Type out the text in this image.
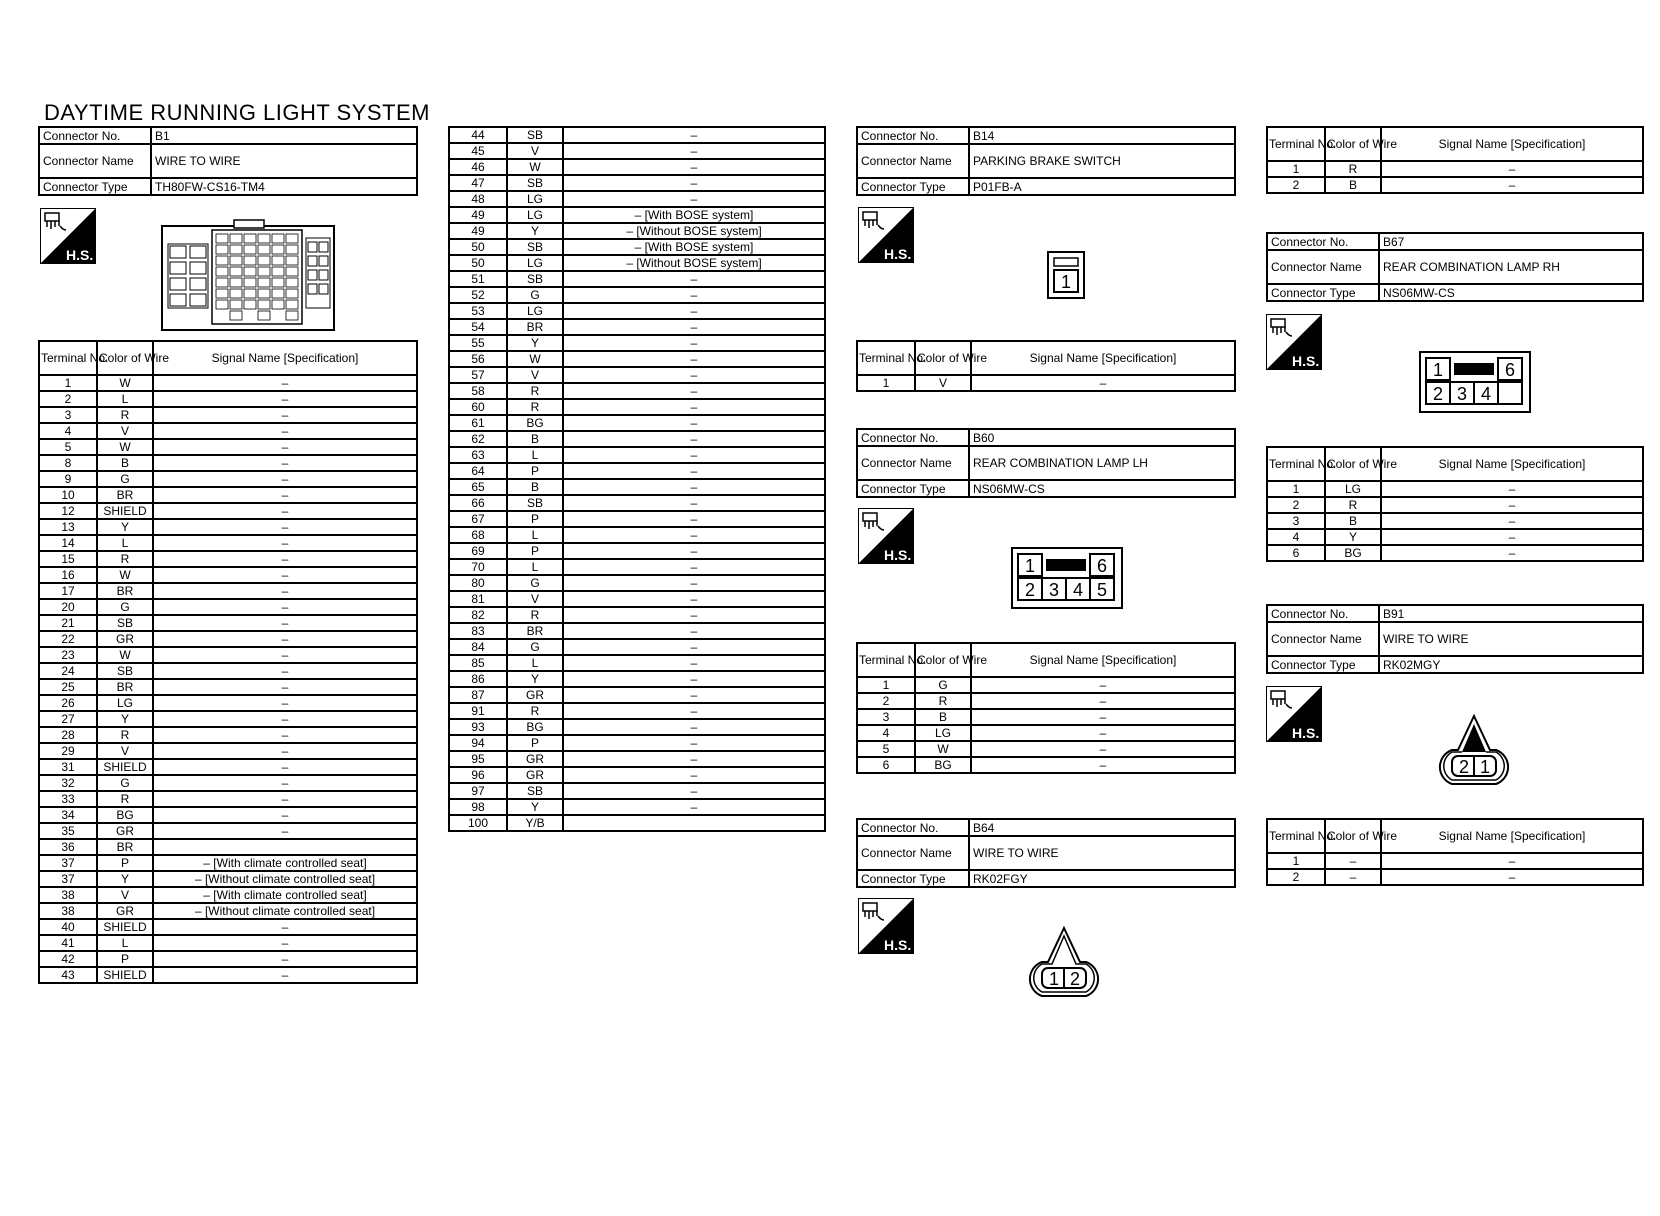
DAYTIME RUNNING LIGHT SYSTEM
Connector No.	B1
Connector Name	WIRE TO WIRE
Connector Type	TH80FW-CS16-TM4
H.S.
Terminal No.	Color of Wire	Signal Name [Specification]
1	W	–
2	L	–
3	R	–
4	V	–
5	W	–
8	B	–
9	G	–
10	BR	–
12	SHIELD	–
13	Y	–
14	L	–
15	R	–
16	W	–
17	BR	–
20	G	–
21	SB	–
22	GR	–
23	W	–
24	SB	–
25	BR	–
26	LG	–
27	Y	–
28	R	–
29	V	–
31	SHIELD	–
32	G	–
33	R	–
34	BG	–
35	GR	–
36	BR	
37	P	– [With climate controlled seat]
37	Y	– [Without climate controlled seat]
38	V	– [With climate controlled seat]
38	GR	– [Without climate controlled seat]
40	SHIELD	–
41	L	–
42	P	–
43	SHIELD	–
44	SB	–
45	V	–
46	W	–
47	SB	–
48	LG	–
49	LG	– [With BOSE system]
49	Y	– [Without BOSE system]
50	SB	– [With BOSE system]
50	LG	– [Without BOSE system]
51	SB	–
52	G	–
53	LG	–
54	BR	–
55	Y	–
56	W	–
57	V	–
58	R	–
60	R	–
61	BG	–
62	B	–
63	L	–
64	P	–
65	B	–
66	SB	–
67	P	–
68	L	–
69	P	–
70	L	–
80	G	–
81	V	–
82	R	–
83	BR	–
84	G	–
85	L	–
86	Y	–
87	GR	–
91	R	–
93	BG	–
94	P	–
95	GR	–
96	GR	–
97	SB	–
98	Y	–
100	Y/B	
Connector No.	B14
Connector Name	PARKING BRAKE SWITCH
Connector Type	P01FB-A
H.S.
1
Terminal No.	Color of Wire	Signal Name [Specification]
1	V	–
Connector No.	B60
Connector Name	REAR COMBINATION LAMP LH
Connector Type	NS06MW-CS
H.S.
1	6
2 3 4 5
Terminal No.	Color of Wire	Signal Name [Specification]
1	G	–
2	R	–
3	B	–
4	LG	–
5	W	–
6	BG	–
Connector No.	B64
Connector Name	WIRE TO WIRE
Connector Type	RK02FGY
H.S.
1 2
Terminal No.	Color of Wire	Signal Name [Specification]
1	R	–
2	B	–
Connector No.	B67
Connector Name	REAR COMBINATION LAMP RH
Connector Type	NS06MW-CS
H.S.	1	6
2 3 4
Terminal No.	Color of Wire	Signal Name [Specification]
1	LG	–
2	R	–
3	B	–
4	Y	–
6	BG	–
Connector No.	B91
Connector Name	WIRE TO WIRE
Connector Type	RK02MGY
H.S.
2 1
Terminal No.	Color of Wire	Signal Name [Specification]
1	–	–
2	–	–
